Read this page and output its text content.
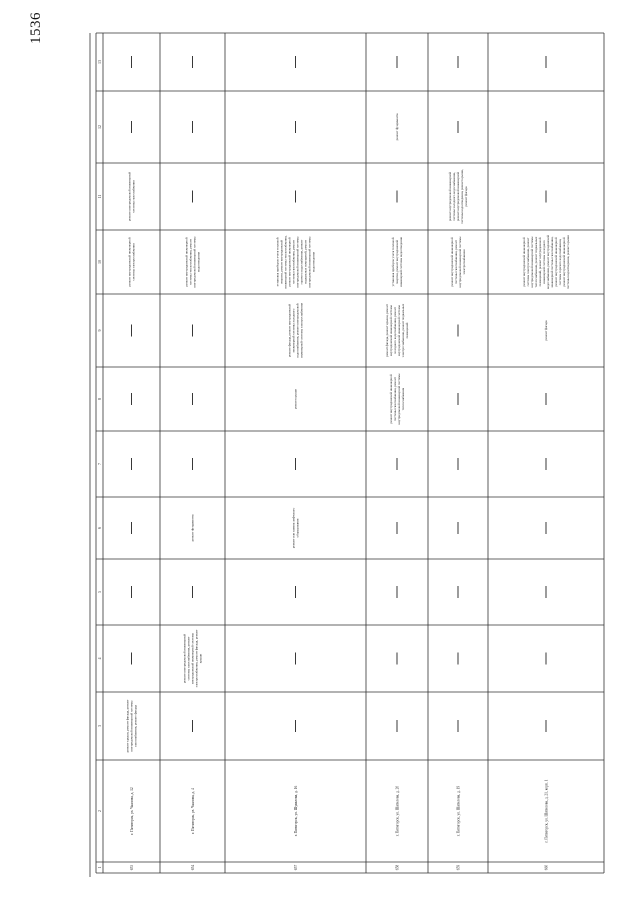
1536
1
2
3
4
5
6
7
8
9
10
11
12
13
653
г. Пятигорск, ул. Чкалова, д. 12
ремонт крыши, ремонт фасада, ремонтвнутридомовой инженерной системыгазоснабжения, ремонт фасада
ремонт внутридомовой инженернойсистемы электроснабжения
ремонт внутридомовой инженернойсистемы газоснабжения
654
г. Пятигорск, ул. Чкалова, д. 4
ремонт внутридомовой инженернойсистемы газоснабжения, ремонтвнутридомовой инженерной системыэлектроснабжения, ремонт фасада, ремонткрыши
ремонт фундамента
ремонт внутридомовой инженернойсистемы теплоснабжения, ремонтвнутридомовой инженерной системыводоотведения
657
г. Пятигорск, ул. Шувалова, д. 16
ремонт или замена лифтовогооборудования
ремонт крыши
ремонт фасада, ремонт внутридомовойинженерной системы холодноговодоснабжения, ремонт внутридомовойинженерной системы электроснабжения
установка приборов учета тепловойэнергии, ремонт внутридомовойинженерной системы теплоснабжения,ремонт внутридомовой инженернойсистемы газоснабжения, ремонтвнутридомовой инженерной системыгорячего водоснабжения, ремонтподвальных помещений, ремонтвнутридомовой инженерной системыводоотведения
658
г. Пятигорск, ул. Шатилова, д. 20
ремонт внутридомовой инженернойсистемы газоснабжения, ремонтвнутридомовой инженерной системытеплоснабжения
ремонт фасада, ремонт крыши, ремонтвнутридомовой инженерной системыхолодного водоснабжения, ремонтвнутридомовой инженерной системыэлектроснабжения, ремонт подвальныхпомещений
установка приборов учета тепловойэнергии, ремонт внутридомовойинженерной системы водоотведения
ремонт фундамента
659
г. Пятигорск, ул. Шатилова, д. 19
ремонт внутридомовой инженернойсистемы газоснабжения, ремонтвнутридомовой инженерной системыэлектроснабжения
ремонт внутридомовой инженернойсистемы холодного водоснабжения,ремонт внутридомовой инженернойсистемы водоотведения, ремонт крыши,ремонт фасада
660
г. Пятигорск, ул. Шатилова, д. 21, корп. 1
ремонт фасада
ремонт внутридомовой инженернойсистемы электроснабжения, ремонтвнутридомовой инженерной системытеплоснабжения, ремонт подвальныхпомещений, ремонт внутридомовойинженерной системы холодноговодоснабжения, ремонт внутридомовойинженерной системы газоснабжения,ремонт внутридомовой инженернойсистемы горячего водоснабжения,ремонт внутридомовой инженернойсистемы водоотведения, ремонт крыши
